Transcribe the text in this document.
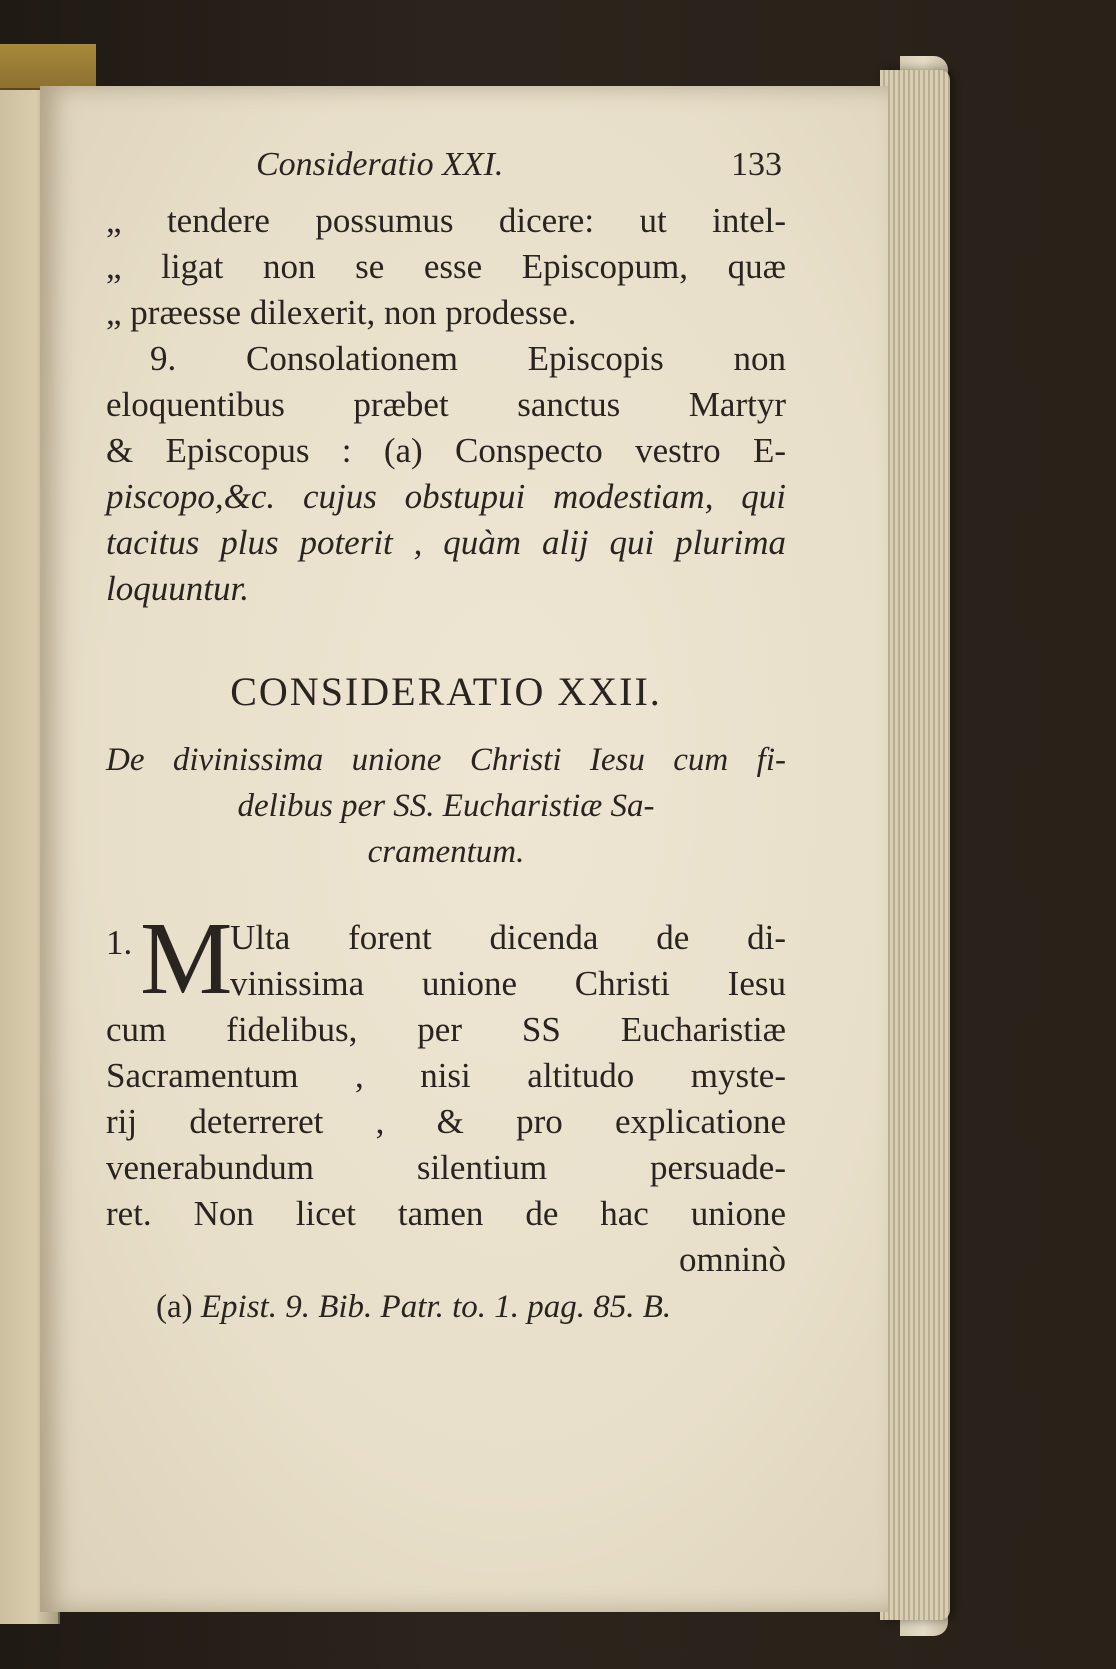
Consideratio XXI.	133
„ tendere possumus dicere: ut intel-
„ ligat non se esse Episcopum, quæ
„ præesse dilexerit, non prodesse.
9. Consolationem Episcopis non
eloquentibus præbet sanctus Martyr
& Episcopus : (a) Conspecto vestro E-
piscopo,&c. cujus obstupui modestiam, qui
tacitus plus poterit , quàm alij qui plurima
loquuntur.
CONSIDERATIO XXII.
De divinissima unione Christi Iesu cum fi-
delibus per SS. Eucharistiæ Sa-
cramentum.
1. M
Ulta forent dicenda de di-
vinissima unione Christi Iesu
cum fidelibus, per SS Eucharistiæ
Sacramentum , nisi altitudo myste-
rij deterreret , & pro explicatione
venerabundum silentium persuade-
ret. Non licet tamen de hac unione
omninò
(a) Epist. 9. Bib. Patr. to. 1. pag. 85. B.
